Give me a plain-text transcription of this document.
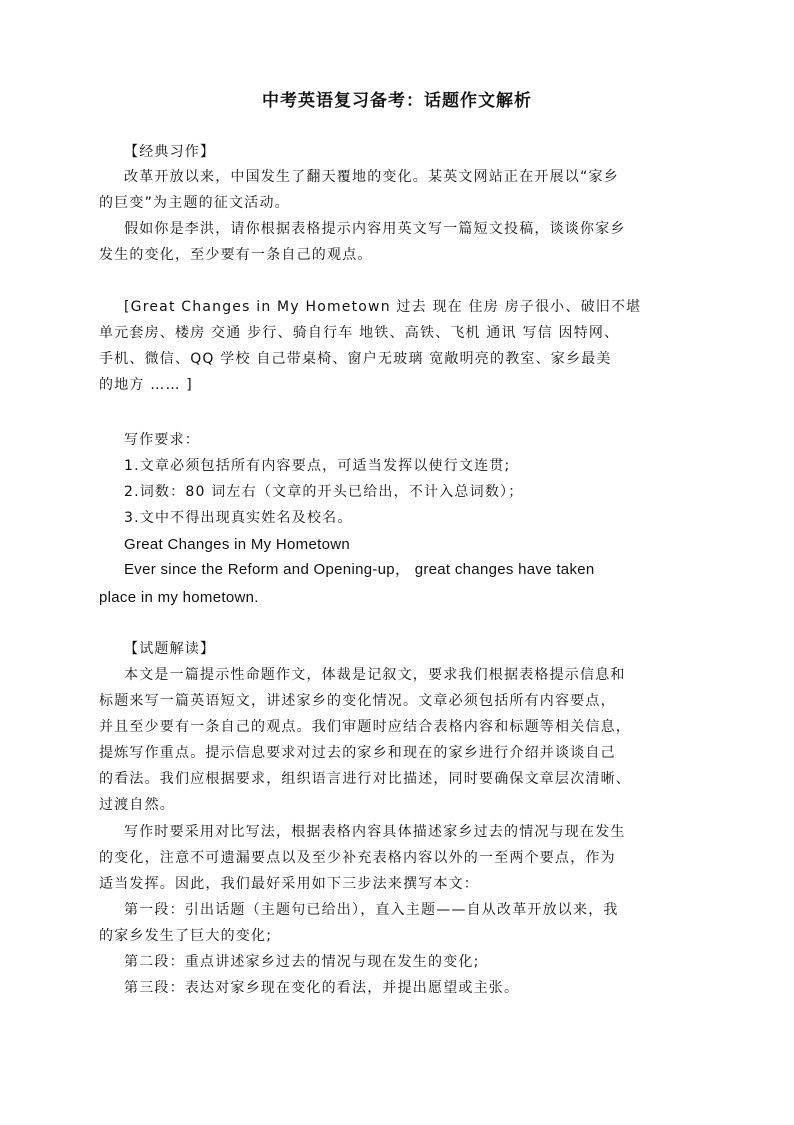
中考英语复习备考：话题作文解析
【经典习作】
改革开放以来，中国发生了翻天覆地的变化。某英文网站正在开展以“家乡
的巨变”为主题的征文活动。
假如你是李洪，请你根据表格提示内容用英文写一篇短文投稿，谈谈你家乡
发生的变化，至少要有一条自己的观点。
[Great Changes in My Hometown 过去 现在 住房 房子很小、破旧不堪
单元套房、楼房 交通 步行、骑自行车 地铁、高铁、飞机 通讯 写信 因特网、
手机、微信、QQ 学校 自己带桌椅、窗户无玻璃 宽敞明亮的教室、家乡最美
的地方 …… ]
写作要求：
1.文章必须包括所有内容要点，可适当发挥以使行文连贯;
2.词数：80 词左右（文章的开头已给出，不计入总词数）；
3.文中不得出现真实姓名及校名。
Great Changes in My Hometown
Ever since the Reform and Opening-up， great changes have taken
place in my hometown.
【试题解读】
本文是一篇提示性命题作文，体裁是记叙文，要求我们根据表格提示信息和
标题来写一篇英语短文，讲述家乡的变化情况。文章必须包括所有内容要点，
并且至少要有一条自己的观点。我们审题时应结合表格内容和标题等相关信息，
提炼写作重点。提示信息要求对过去的家乡和现在的家乡进行介绍并谈谈自己
的看法。我们应根据要求，组织语言进行对比描述，同时要确保文章层次清晰、
过渡自然。
写作时要采用对比写法，根据表格内容具体描述家乡过去的情况与现在发生
的变化，注意不可遗漏要点以及至少补充表格内容以外的一至两个要点，作为
适当发挥。因此，我们最好采用如下三步法来撰写本文：
第一段：引出话题（主题句已给出），直入主题——自从改革开放以来，我
的家乡发生了巨大的变化;
第二段：重点讲述家乡过去的情况与现在发生的变化;
第三段：表达对家乡现在变化的看法，并提出愿望或主张。
